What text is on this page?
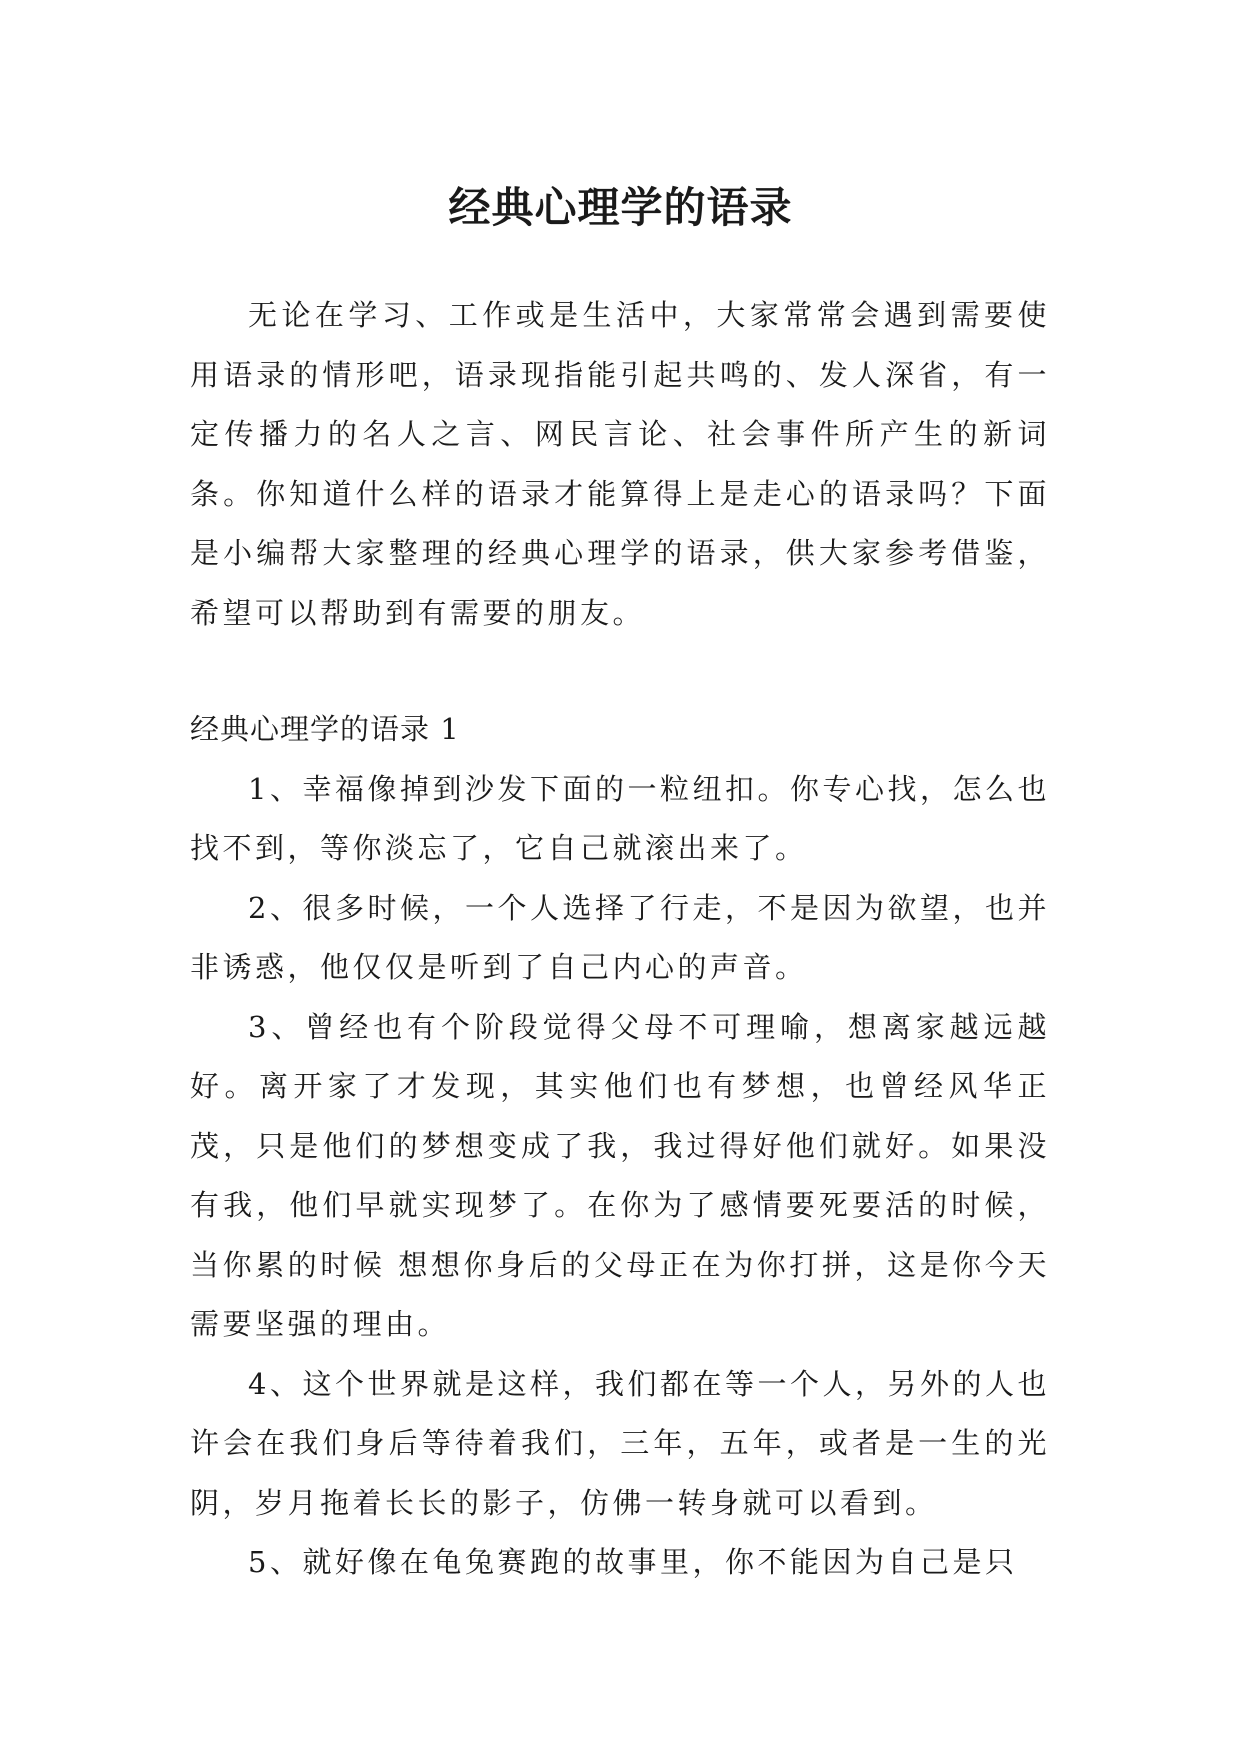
经典心理学的语录

无论在学习、工作或是生活中，大家常常会遇到需要使用语录的情形吧，语录现指能引起共鸣的、发人深省，有一定传播力的名人之言、网民言论、社会事件所产生的新词条。你知道什么样的语录才能算得上是走心的语录吗？下面是小编帮大家整理的经典心理学的语录，供大家参考借鉴，希望可以帮助到有需要的朋友。

经典心理学的语录 1

1、幸福像掉到沙发下面的一粒纽扣。你专心找，怎么也找不到，等你淡忘了，它自己就滚出来了。

2、很多时候，一个人选择了行走，不是因为欲望，也并非诱惑，他仅仅是听到了自己内心的声音。

3、曾经也有个阶段觉得父母不可理喻，想离家越远越好。离开家了才发现，其实他们也有梦想，也曾经风华正茂，只是他们的梦想变成了我，我过得好他们就好。如果没有我，他们早就实现梦了。在你为了感情要死要活的时候，当你累的时候 想想你身后的父母正在为你打拼，这是你今天需要坚强的理由。

4、这个世界就是这样，我们都在等一个人，另外的人也许会在我们身后等待着我们，三年，五年，或者是一生的光阴，岁月拖着长长的影子，仿佛一转身就可以看到。

5、就好像在龟兔赛跑的故事里，你不能因为自己是只
